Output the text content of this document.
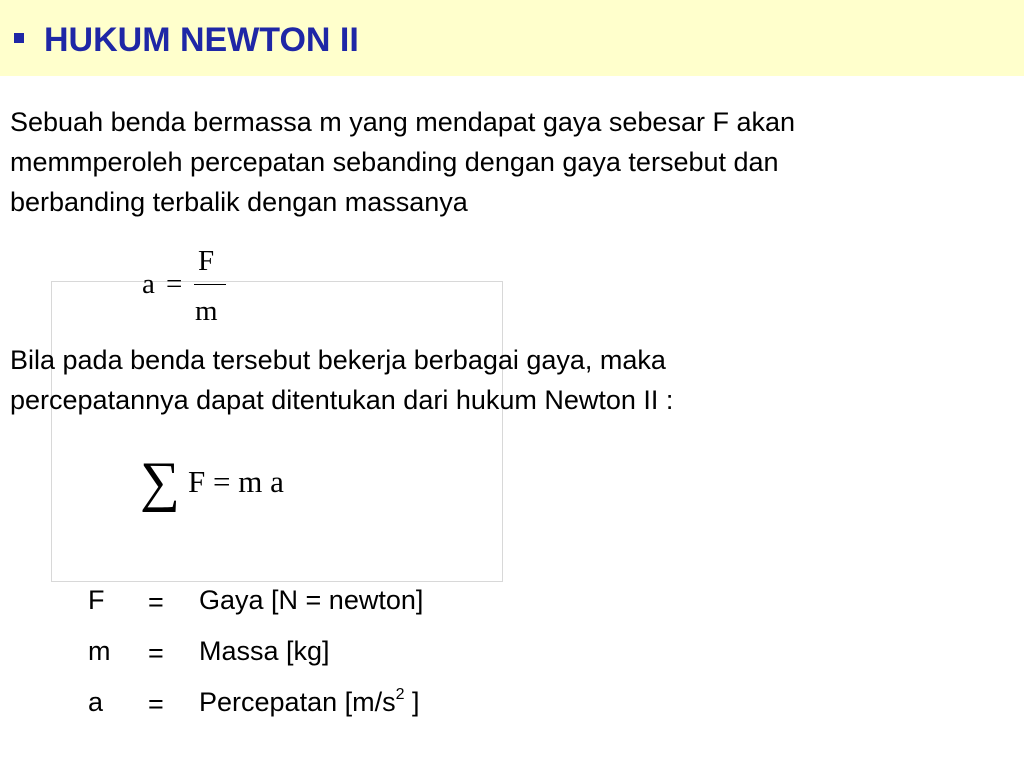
HUKUM NEWTON II
Sebuah benda bermassa m yang mendapat gaya sebesar F akan
memmperoleh percepatan sebanding dengan gaya tersebut dan
berbanding terbalik dengan massanya
a =
F
m
Bila pada benda tersebut bekerja berbagai gaya, maka
percepatannya dapat ditentukan dari hukum Newton II :
∑ F = m a
F = Gaya [N = newton]
m = Massa [kg]
a = Percepatan [$m/s^2$ ]
